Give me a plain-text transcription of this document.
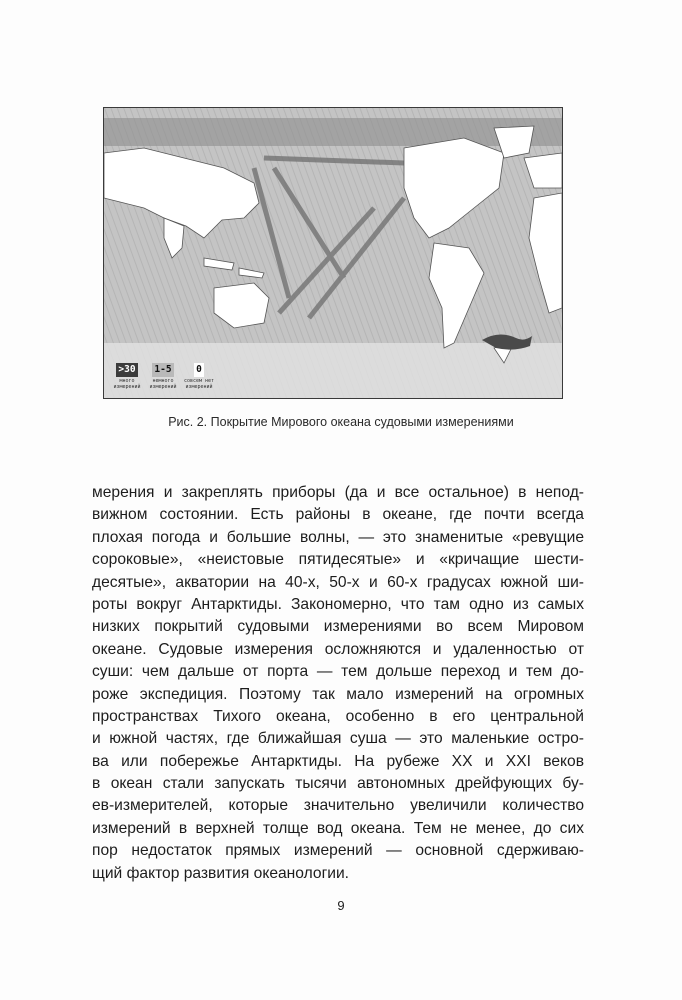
>30
много измерений
1-5
немного измерений
0
совсем нет измерений
Рис. 2. Покрытие Мирового океана судовыми измерениями
мерения и закреплять приборы (да и все остальное) в непод-
вижном состоянии. Есть районы в океане, где почти всегда
плохая погода и большие волны, — это знаменитые «ревущие
сороковые», «неистовые пятидесятые» и «кричащие шести-
десятые», акватории на 40-х, 50-х и 60-х градусах южной ши-
роты вокруг Антарктиды. Закономерно, что там одно из самых
низких покрытий судовыми измерениями во всем Мировом
океане. Судовые измерения осложняются и удаленностью от
суши: чем дальше от порта — тем дольше переход и тем до-
роже экспедиция. Поэтому так мало измерений на огромных
пространствах Тихого океана, особенно в его центральной
и южной частях, где ближайшая суша — это маленькие остро-
ва или побережье Антарктиды. На рубеже XX и XXI веков
в океан стали запускать тысячи автономных дрейфующих бу-
ев-измерителей, которые значительно увеличили количество
измерений в верхней толще вод океана. Тем не менее, до сих
пор недостаток прямых измерений — основной сдерживаю-
щий фактор развития океанологии.
9
